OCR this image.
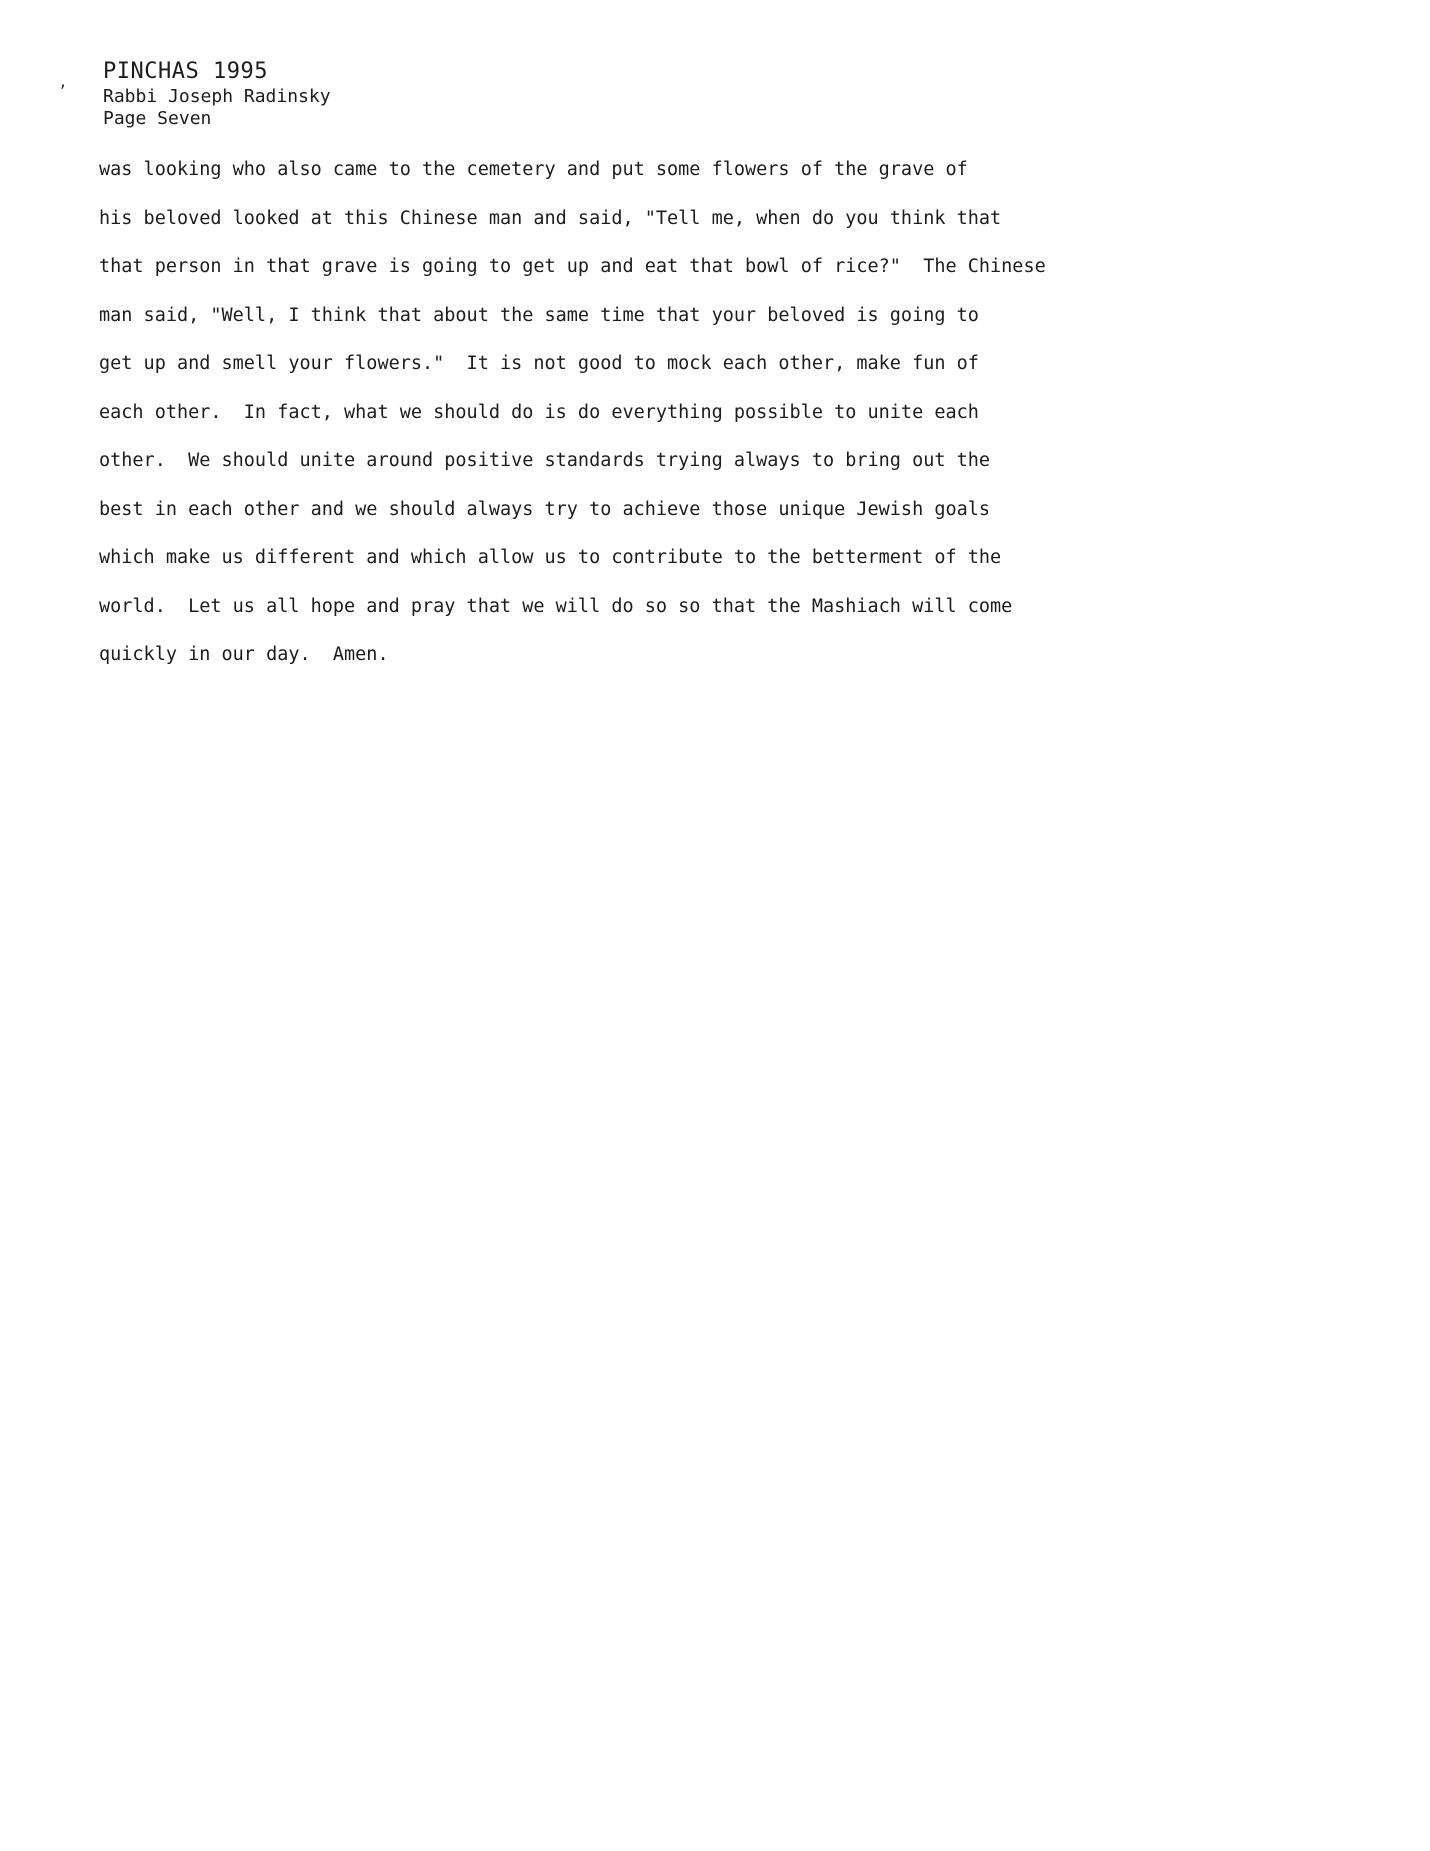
’
PINCHAS 1995
Rabbi Joseph Radinsky
Page Seven
was looking who also came to the cemetery and put some flowers of the grave of
his beloved looked at this Chinese man and said, "Tell me, when do you think that
that person in that grave is going to get up and eat that bowl of rice?"  The Chinese
man said, "Well, I think that about the same time that your beloved is going to
get up and smell your flowers."  It is not good to mock each other, make fun of
each other.  In fact, what we should do is do everything possible to unite each
other.  We should unite around positive standards trying always to bring out the
best in each other and we should always try to achieve those unique Jewish goals
which make us different and which allow us to contribute to the betterment of the
world.  Let us all hope and pray that we will do so so that the Mashiach will come
quickly in our day.  Amen.
